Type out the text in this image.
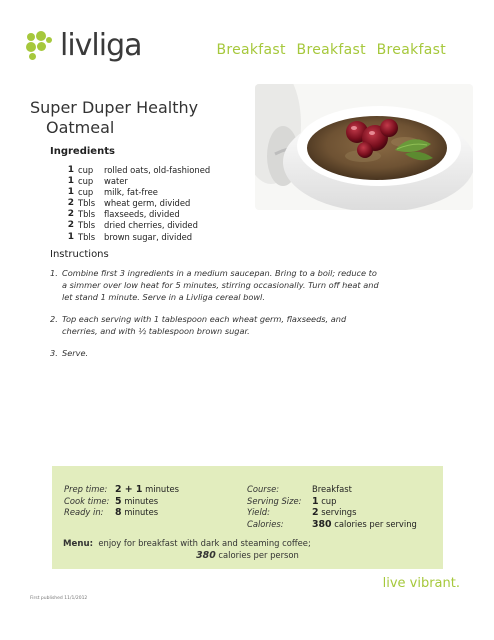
livliga	Breakfast Breakfast Breakfast
Super Duper Healthy
Oatmeal
Ingredients
1 cup	rolled oats, old-fashioned
1 cup	water
1 cup	milk, fat-free
2 Tbls	wheat germ, divided
2 Tbls	flaxseeds, divided
2 Tbls	dried cherries, divided
1 Tbls	brown sugar, divided
Instructions
1. Combine first 3 ingredients in a medium saucepan. Bring to a boil; reduce to a simmer over low heat for 5 minutes, stirring occasionally. Turn off heat and let stand 1 minute. Serve in a Livliga cereal bowl.
2. Top each serving with 1 tablespoon each wheat germ, flaxseeds, and cherries, and with ½ tablespoon brown sugar.
3. Serve.
Prep time: 2 + 1 minutes
Cook time: 5 minutes
Ready in:	8 minutes
Course:	Breakfast
Serving Size:	1 cup
Yield:	2 servings
Calories:	380 calories per serving
Menu: enjoy for breakfast with dark and steaming coffee;
380 calories per person
live vibrant.
First published 11/1/2012
